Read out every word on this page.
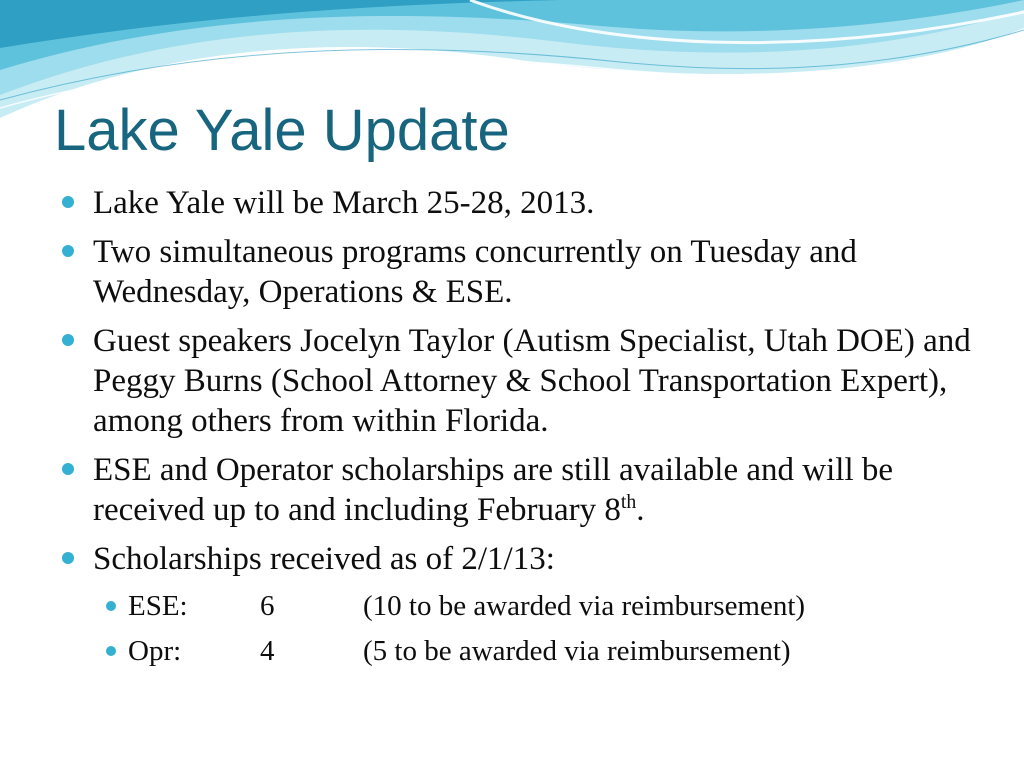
Lake Yale Update
Lake Yale will be March 25-28, 2013.
Two simultaneous programs concurrently on Tuesday and Wednesday, Operations & ESE.
Guest speakers Jocelyn Taylor (Autism Specialist, Utah DOE) and Peggy Burns (School Attorney & School Transportation Expert), among others from within Florida.
ESE and Operator scholarships are still available and will be received up to and including February 8th.
Scholarships received as of 2/1/13:
ESE: 6	(10 to be awarded via reimbursement)
Opr:	4	(5 to be awarded via reimbursement)
